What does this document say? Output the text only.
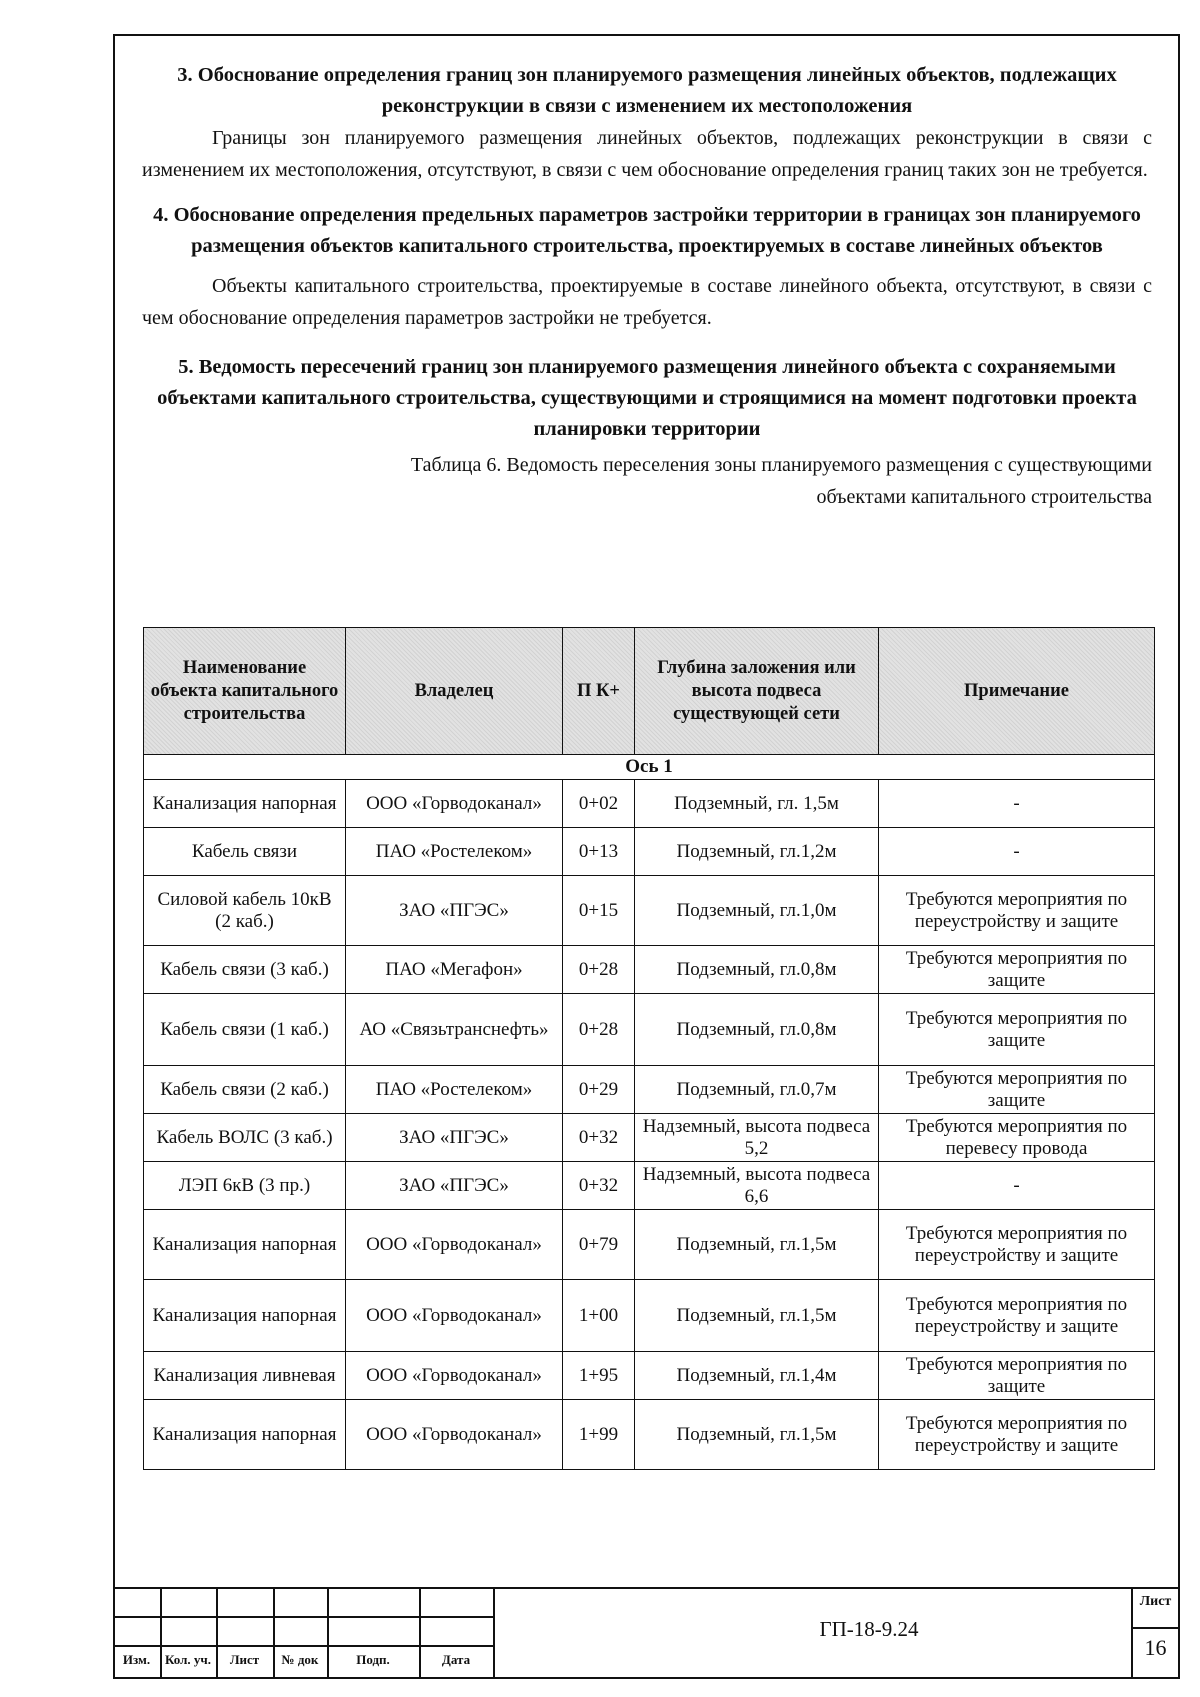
3. Обоснование определения границ зон планируемого размещения линейных объектов, подлежащих реконструкции в связи с изменением их местоположения

Границы зон планируемого размещения линейных объектов, подлежащих реконструкции в связи с изменением их местоположения, отсутствуют, в связи с чем обоснование определения границ таких зон не требуется.

4. Обоснование определения предельных параметров застройки территории в границах зон планируемого размещения объектов капитального строительства, проектируемых в составе линейных объектов

Объекты капитального строительства, проектируемые в составе линейного объекта, отсутствуют, в связи с чем обоснование определения параметров застройки не требуется.

5. Ведомость пересечений границ зон планируемого размещения линейного объекта с сохраняемыми объектами капитального строительства, существующими и строящимися на момент подготовки проекта планировки территории

Таблица 6. Ведомость переселения зоны планируемого размещения с существующими
объектами капитального строительства

Наименование объекта капитального строительства	Владелец	П К+	Глубина заложения или высота подвеса существующей сети	Примечание
Ось 1				
Канализация напорная	ООО «Горводоканал»	0+02	Подземный, гл. 1,5м	-
Кабель связи	ПАО «Ростелеком»	0+13	Подземный, гл.1,2м	-
Силовой кабель 10кВ (2 каб.)	ЗАО «ПГЭС»	0+15	Подземный, гл.1,0м	Требуются мероприятия по переустройству и защите
Кабель связи (3 каб.)	ПАО «Мегафон»	0+28	Подземный, гл.0,8м	Требуются мероприятия по защите
Кабель связи (1 каб.)	АО «Связьтранснефть»	0+28	Подземный, гл.0,8м	Требуются мероприятия по защите
Кабель связи (2 каб.)	ПАО «Ростелеком»	0+29	Подземный, гл.0,7м	Требуются мероприятия по защите
Кабель ВОЛС (3 каб.)	ЗАО «ПГЭС»	0+32	Надземный, высота подвеса 5,2	Требуются мероприятия по перевесу провода
ЛЭП 6кВ (3 пр.)	ЗАО «ПГЭС»	0+32	Надземный, высота подвеса 6,6	-
Канализация напорная	ООО «Горводоканал»	0+79	Подземный, гл.1,5м	Требуются мероприятия по переустройству и защите
Канализация напорная	ООО «Горводоканал»	1+00	Подземный, гл.1,5м	Требуются мероприятия по переустройству и защите
Канализация ливневая	ООО «Горводоканал»	1+95	Подземный, гл.1,4м	Требуются мероприятия по защите
Канализация напорная	ООО «Горводоканал»	1+99	Подземный, гл.1,5м	Требуются мероприятия по переустройству и защите
Изм.	Кол. уч.	Лист	№ док	Подп.	Дата
ГП-18-9.24
Лист
16
